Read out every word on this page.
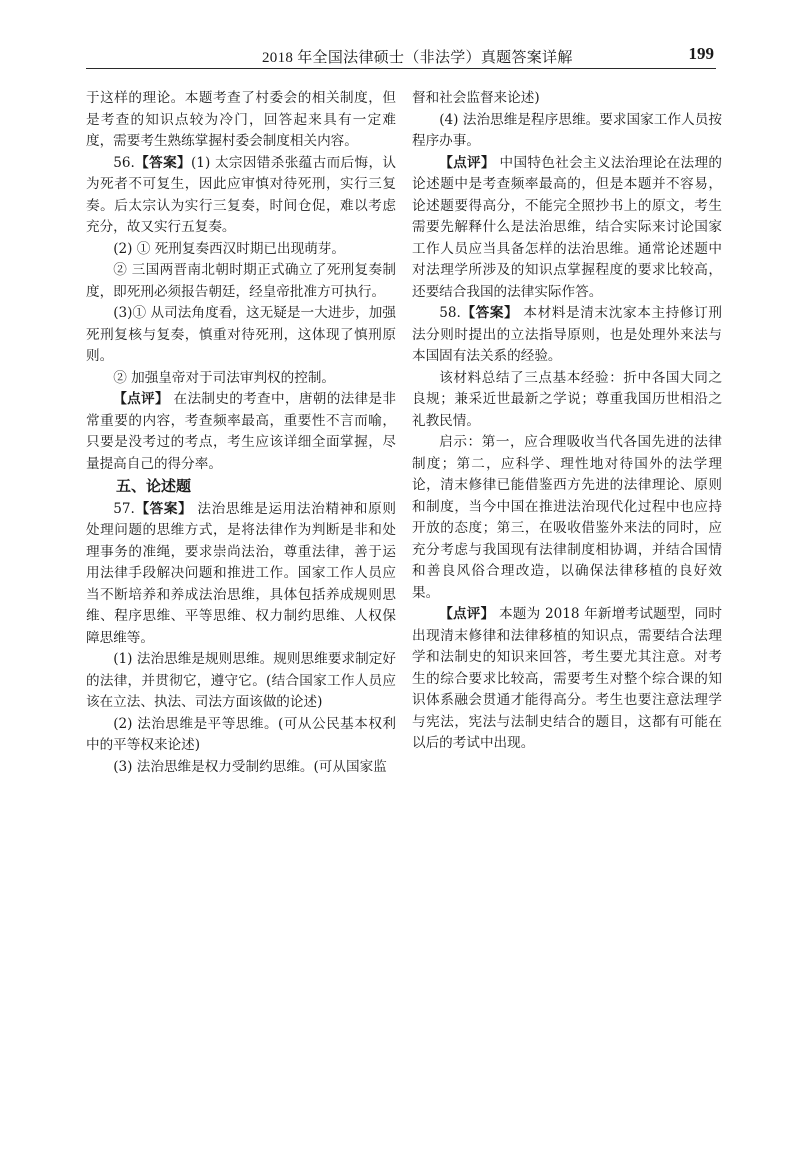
2018 年全国法律硕士（非法学）真题答案详解	199

于这样的理论。本题考查了村委会的相关制度，但是考查的知识点较为冷门，回答起来具有一定难度，需要考生熟练掌握村委会制度相关内容。

56.【答案】(1) 太宗因错杀张蕴古而后悔，认为死者不可复生，因此应审慎对待死刑，实行三复奏。后太宗认为实行三复奏，时间仓促，难以考虑充分，故又实行五复奏。

(2) ① 死刑复奏西汉时期已出现萌芽。

② 三国两晋南北朝时期正式确立了死刑复奏制度，即死刑必须报告朝廷，经皇帝批准方可执行。

(3)① 从司法角度看，这无疑是一大进步，加强死刑复核与复奏，慎重对待死刑，这体现了慎刑原则。

② 加强皇帝对于司法审判权的控制。

【点评】 在法制史的考查中，唐朝的法律是非常重要的内容，考查频率最高，重要性不言而喻，只要是没考过的考点，考生应该详细全面掌握，尽量提高自己的得分率。

五、论述题

57.【答案】 法治思维是运用法治精神和原则处理问题的思维方式，是将法律作为判断是非和处理事务的准绳，要求崇尚法治，尊重法律，善于运用法律手段解决问题和推进工作。国家工作人员应当不断培养和养成法治思维，具体包括养成规则思维、程序思维、平等思维、权力制约思维、人权保障思维等。

(1) 法治思维是规则思维。规则思维要求制定好的法律，并贯彻它，遵守它。(结合国家工作人员应该在立法、执法、司法方面该做的论述)

(2) 法治思维是平等思维。(可从公民基本权利中的平等权来论述)

(3) 法治思维是权力受制约思维。(可从国家监

督和社会监督来论述)

(4) 法治思维是程序思维。要求国家工作人员按程序办事。

【点评】 中国特色社会主义法治理论在法理的论述题中是考查频率最高的，但是本题并不容易，论述题要得高分，不能完全照抄书上的原文，考生需要先解释什么是法治思维，结合实际来讨论国家工作人员应当具备怎样的法治思维。通常论述题中对法理学所涉及的知识点掌握程度的要求比较高，还要结合我国的法律实际作答。

58.【答案】 本材料是清末沈家本主持修订刑法分则时提出的立法指导原则，也是处理外来法与本国固有法关系的经验。

该材料总结了三点基本经验：折中各国大同之良规；兼采近世最新之学说；尊重我国历世相沿之礼教民情。

启示：第一，应合理吸收当代各国先进的法律制度；第二，应科学、理性地对待国外的法学理论，清末修律已能借鉴西方先进的法律理论、原则和制度，当今中国在推进法治现代化过程中也应持开放的态度；第三，在吸收借鉴外来法的同时，应充分考虑与我国现有法律制度相协调，并结合国情和善良风俗合理改造，以确保法律移植的良好效果。

【点评】 本题为 2018 年新增考试题型，同时出现清末修律和法律移植的知识点，需要结合法理学和法制史的知识来回答，考生要尤其注意。对考生的综合要求比较高，需要考生对整个综合课的知识体系融会贯通才能得高分。考生也要注意法理学与宪法，宪法与法制史结合的题目，这都有可能在以后的考试中出现。
